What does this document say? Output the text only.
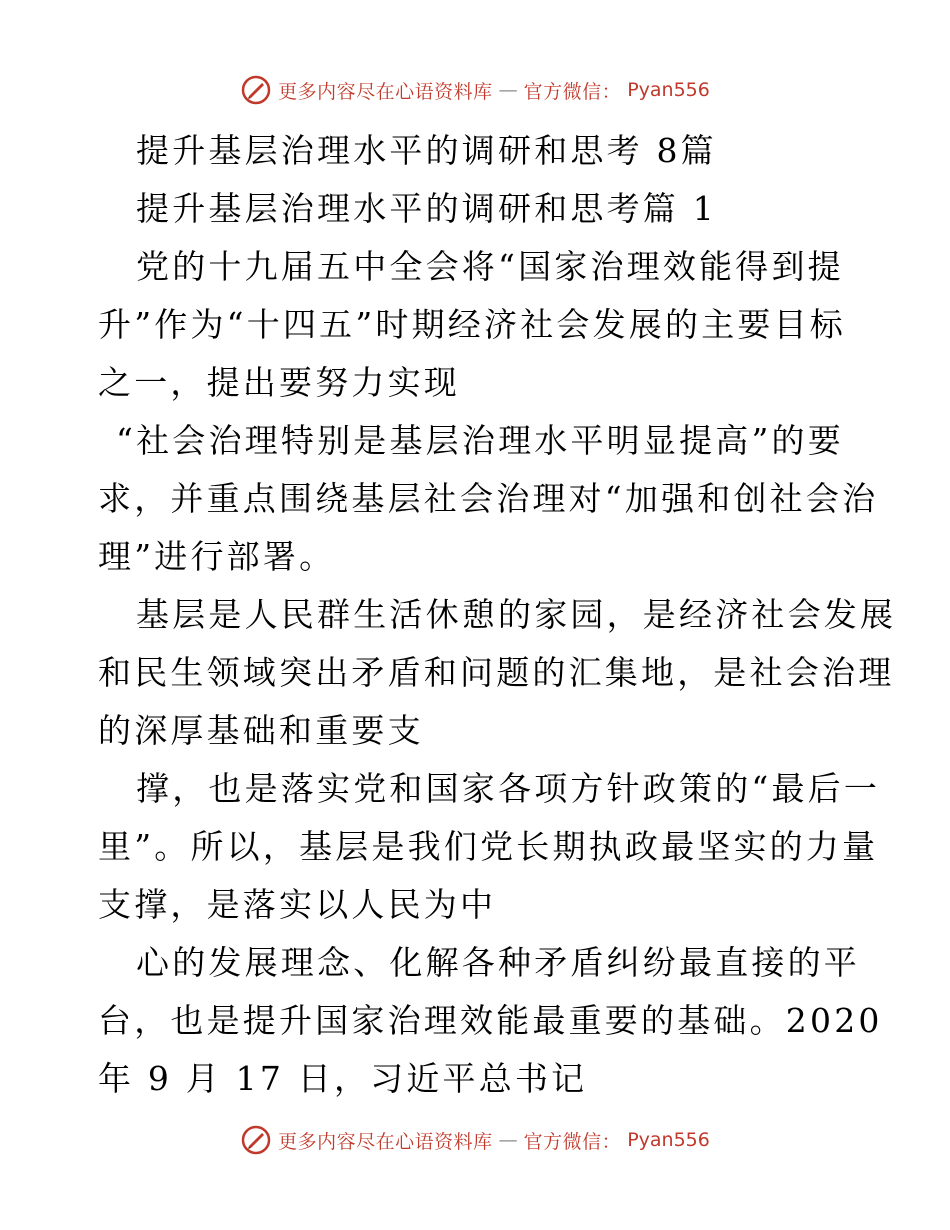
更多内容尽在心语资料库 — 官方微信： Pyan556
提升基层治理水平的调研和思考 8篇
提升基层治理水平的调研和思考篇 1
党的十九届五中全会将“国家治理效能得到提
升”作为“十四五”时期经济社会发展的主要目标
之一，提出要努力实现
“社会治理特别是基层治理水平明显提高”的要
求，并重点围绕基层社会治理对“加强和创社会治
理”进行部署。
基层是人民群生活休憩的家园，是经济社会发展
和民生领域突出矛盾和问题的汇集地，是社会治理
的深厚基础和重要支
撑，也是落实党和国家各项方针政策的“最后一
里”。所以，基层是我们党长期执政最坚实的力量
支撑，是落实以人民为中
心的发展理念、化解各种矛盾纠纷最直接的平
台，也是提升国家治理效能最重要的基础。2020
年 9 月 17 日，习近平总书记
更多内容尽在心语资料库 — 官方微信： Pyan556
